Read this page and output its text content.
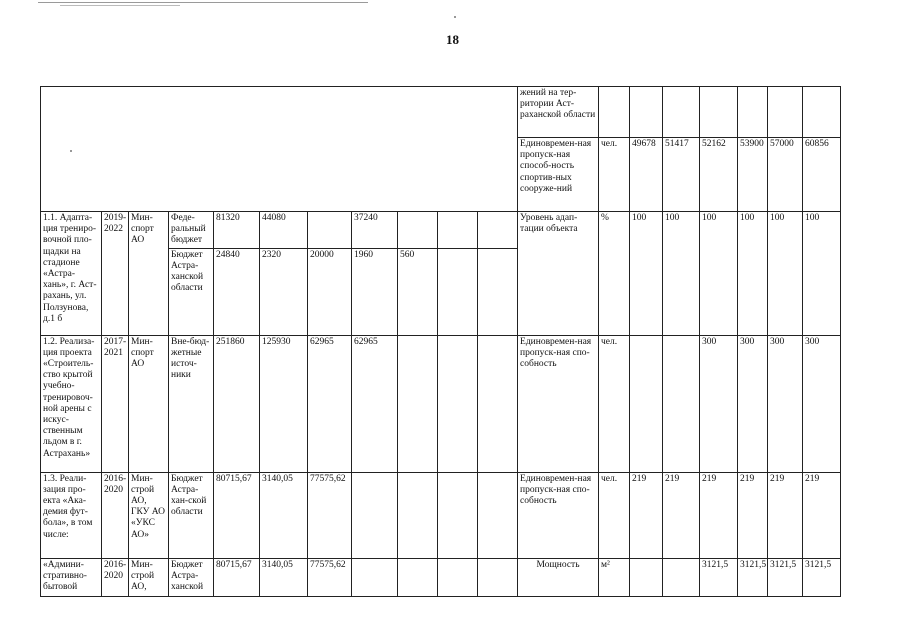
18
											жений на тер-ритории Аст-раханской области							
											Единовремен-ная пропуск-ная способ-ность спортив-ных сооруже-ний	чел.	49678	51417	52162	53900	57000	60856
1.1. Адапта-ция трениро-вочной пло-щадки на стадионе «Астра-хань», г. Аст-рахань, ул. Ползунова, д.1 б	2019-2022	Мин-спорт АО	Феде-ральный бюджет	81320	44080		37240				Уровень адап-тации объекта	%	100	100	100	100	100	100
			Бюджет Астра-ханской области	24840	2320	20000	1960	560										
1.2. Реализа-ция проекта «Строитель-ство крытой учебно-тренировоч-ной арены с искус-ственным льдом в г. Астрахань»	2017-2021	Мин-спорт АО	Вне-бюд-жетные источ-ники	251860	125930	62965	62965				Единовремен-ная пропуск-ная спо-собность	чел.			300	300	300	300
1.3. Реали-зация про-екта «Ака-демия фут-бола», в том числе:	2016-2020	Мин-строй АО, ГКУ АО «УКС АО»	Бюджет Астра-хан-ской области	80715,67	3140,05	77575,62					Единовремен-ная пропуск-ная спо-собность	чел.	219	219	219	219	219	219
«Админи-стративно-бытовой	2016-2020	Мин-строй АО,	Бюджет Астра-ханской	80715,67	3140,05	77575,62					Мощность	м²			3121,5	3121,5	3121,5	3121,5
